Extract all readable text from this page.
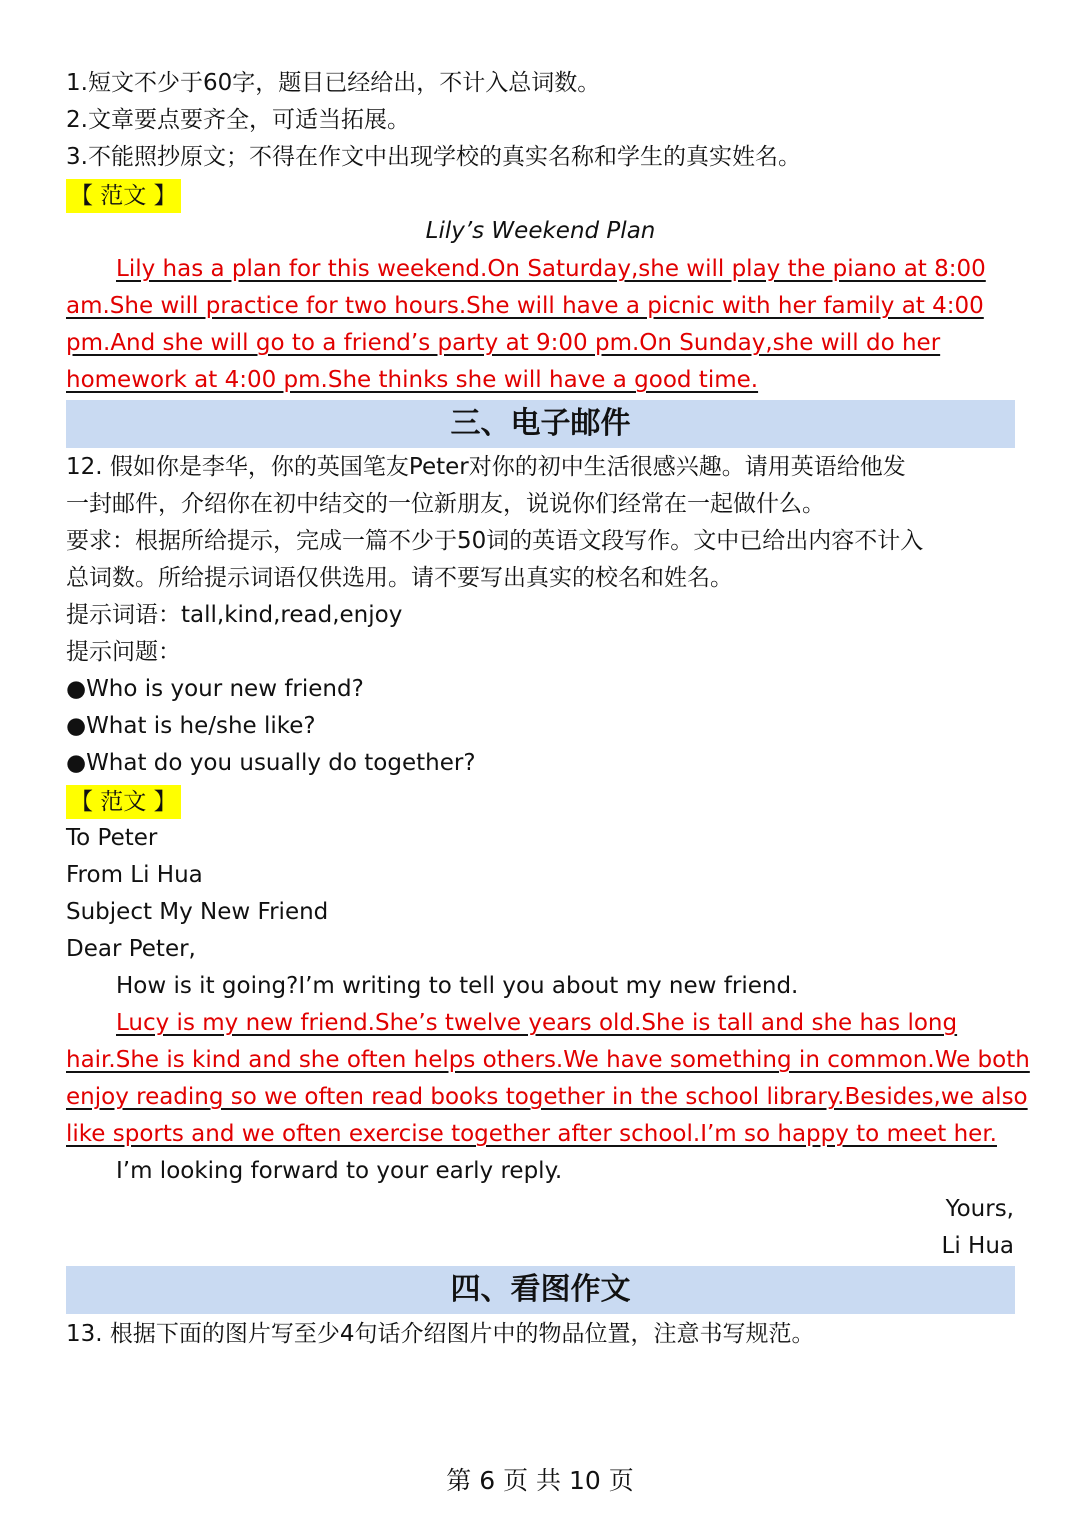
1.短文不少于60字，题目已经给出，不计入总词数。
2.文章要点要齐全，可适当拓展。
3.不能照抄原文；不得在作文中出现学校的真实名称和学生的真实姓名。
【 范文 】
Lily’s Weekend Plan
Lily has a plan for this weekend.On Saturday,she will play the piano at 8:00
am.She will practice for two hours.She will have a picnic with her family at 4:00
pm.And she will go to a friend’s party at 9:00 pm.On Sunday,she will do her
homework at 4:00 pm.She thinks she will have a good time.
三、电子邮件
12. 假如你是李华，你的英国笔友Peter对你的初中生活很感兴趣。请用英语给他发
一封邮件，介绍你在初中结交的一位新朋友，说说你们经常在一起做什么。
要求：根据所给提示，完成一篇不少于50词的英语文段写作。文中已给出内容不计入
总词数。所给提示词语仅供选用。请不要写出真实的校名和姓名。
提示词语：tall,kind,read,enjoy
提示问题：
●Who is your new friend?
●What is he/she like?
●What do you usually do together?
【 范文 】
To Peter
From Li Hua
Subject My New Friend
Dear Peter,
How is it going?I’m writing to tell you about my new friend.
Lucy is my new friend.She’s twelve years old.She is tall and she has long
hair.She is kind and she often helps others.We have something in common.We both
enjoy reading so we often read books together in the school library.Besides,we also
like sports and we often exercise together after school.I’m so happy to meet her.
I’m looking forward to your early reply.
Yours,
Li Hua
四、看图作文
13. 根据下面的图片写至少4句话介绍图片中的物品位置，注意书写规范。
第 6 页 共 10 页
